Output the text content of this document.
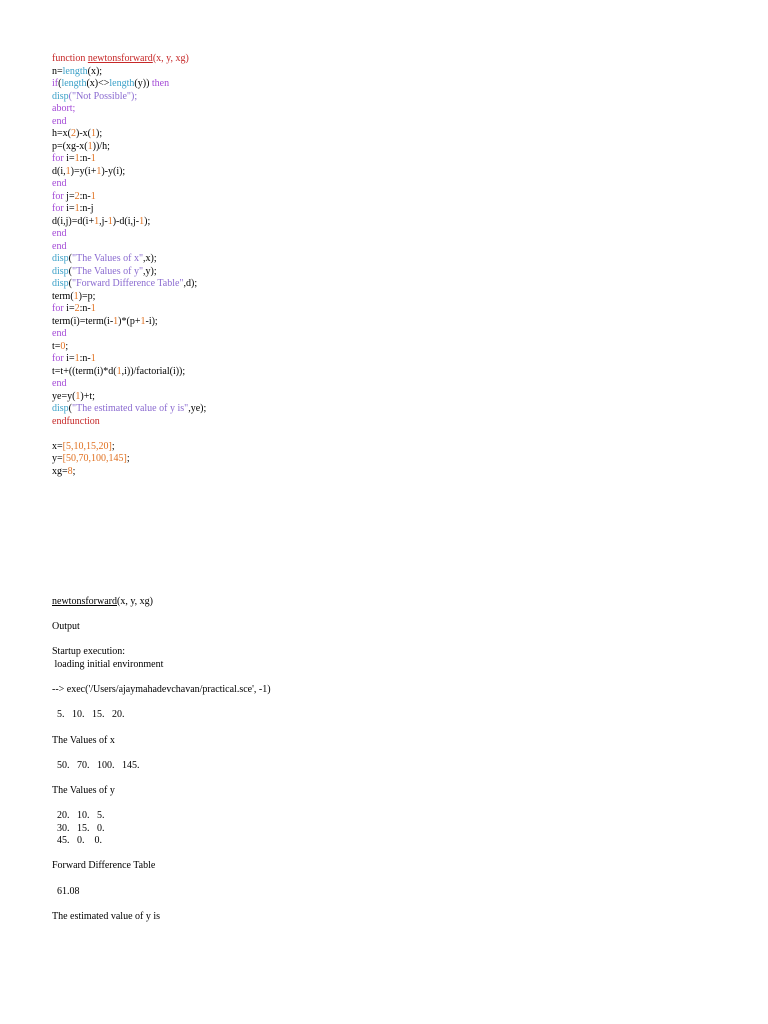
function newtonsforward(x, y, xg)
n=length(x);
if(length(x)<>length(y)) then
disp("Not Possible");
abort;
end
h=x(2)-x(1);
p=(xg-x(1))/h;
for i=1:n-1
d(i,1)=y(i+1)-y(i);
end
for j=2:n-1
for i=1:n-j
d(i,j)=d(i+1,j-1)-d(i,j-1);
end
end
disp("The Values of x",x);
disp("The Values of y",y);
disp("Forward Difference Table",d);
term(1)=p;
for i=2:n-1
term(i)=term(i-1)*(p+1-i);
end
t=0;
for i=1:n-1
t=t+((term(i)*d(1,i))/factorial(i));
end
ye=y(1)+t;
disp("The estimated value of y is",ye);
endfunction
x=[5,10,15,20];
y=[50,70,100,145];
xg=8;
newtonsforward(x, y, xg)
Output
Startup execution:
loading initial environment
--> exec('/Users/ajaymahadevchavan/practical.sce', -1)
5.   10.   15.   20.
The Values of x
50.   70.   100.   145.
The Values of y
20.   10.   5.
30.   15.   0.
45.   0.    0.
Forward Difference Table
61.08
The estimated value of y is
